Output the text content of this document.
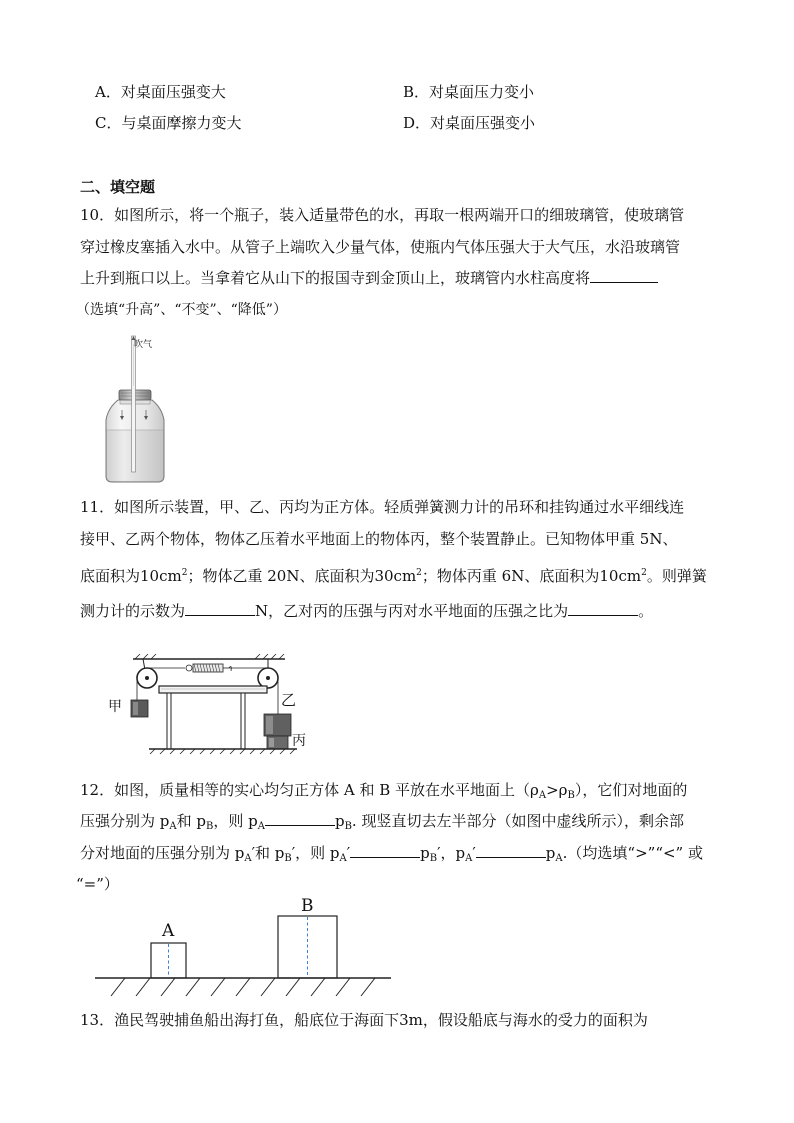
A．对桌面压强变大	B．对桌面压力变小
C．与桌面摩擦力变大	D．对桌面压强变小
二、填空题
10．如图所示，将一个瓶子，装入适量带色的水，再取一根两端开口的细玻璃管，使玻璃管
穿过橡皮塞插入水中。从管子上端吹入少量气体，使瓶内气体压强大于大气压，水沿玻璃管
上升到瓶口以上。当拿着它从山下的报国寺到金顶山上，玻璃管内水柱高度将
（选填“升高”、“不变”、“降低”）
吹气
11．如图所示装置，甲、乙、丙均为正方体。轻质弹簧测力计的吊环和挂钩通过水平细线连
接甲、乙两个物体，物体乙压着水平地面上的物体丙，整个装置静止。已知物体甲重 5N、
底面积为$10cm^2$；物体乙重 20N、底面积为$30cm^2$；物体丙重 6N、底面积为$10cm^2$。则弹簧
测力计的示数为	N，乙对丙的压强与丙对水平地面的压强之比为	。
甲	乙
丙
12．如图，质量相等的实心均匀正方体 A 和 B 平放在水平地面上$(\rho_A>\rho_B)$，它们对地面的
压强分别为 $p_A$和 $p_B$，则 $p_A$	$p_B$. 现竖直切去左半部分（如图中虚线所示），剩余部
分对地面的压强分别为 $p_A'$和 $p_B'$，则 $p_A'$	$p_B'$，$p_A'$	$p_A$.（均选填“>”“<” 或
“=”）
A
B
13．渔民驾驶捕鱼船出海打鱼，船底位于海面下3m，假设船底与海水的受力的面积为
